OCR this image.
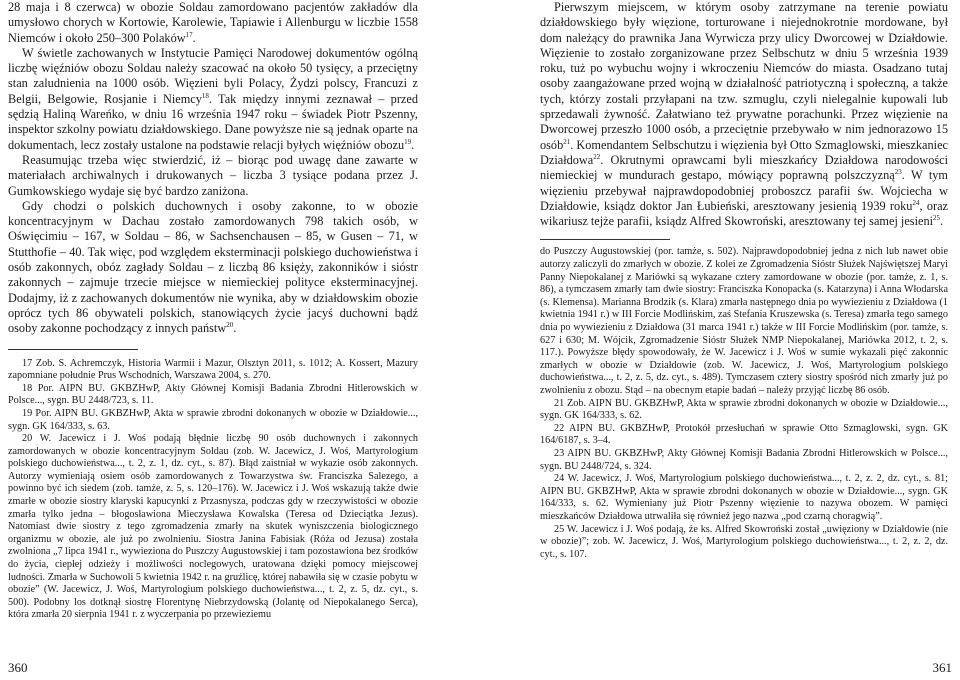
28 maja i 8 czerwca) w obozie Soldau zamordowano pacjentów zakładów dla umysłowo chorych w Kortowie, Karolewie, Tapiawie i Allenburgu w liczbie 1558 Niemców i około 250–300 Polaków$^{17}$.

W świetle zachowanych w Instytucie Pamięci Narodowej dokumentów ogólną liczbę więźniów obozu Soldau należy szacować na około 50 tysięcy, a przeciętny stan zaludnienia na 1000 osób. Więzieni byli Polacy, Żydzi polscy, Francuzi z Belgii, Belgowie, Rosjanie i Niemcy$^{18}$. Tak między innymi zeznawał – przed sędzią Haliną Wareńko, w dniu 16 września 1947 roku – świadek Piotr Pszenny, inspektor szkolny powiatu działdowskiego. Dane powyższe nie są jednak oparte na dokumentach, lecz zostały ustalone na podstawie relacji byłych więźniów obozu$^{19}$.

Reasumując trzeba więc stwierdzić, iż – biorąc pod uwagę dane zawarte w materiałach archiwalnych i drukowanych – liczba 3 tysiące podana przez J. Gumkowskiego wydaje się być bardzo zaniżona.

Gdy chodzi o polskich duchownych i osoby zakonne, to w obozie koncentracyjnym w Dachau zostało zamordowanych 798 takich osób, w Oświęcimiu – 167, w Soldau – 86, w Sachsenchausen – 85, w Gusen – 71, w Stutthofie – 40. Tak więc, pod względem eksterminacji polskiego duchowieństwa i osób zakonnych, obóz zagłady Soldau – z liczbą 86 księży, zakonników i sióstr zakonnych – zajmuje trzecie miejsce w niemieckiej polityce eksterminacyjnej. Dodajmy, iż z zachowanych dokumentów nie wynika, aby w działdowskim obozie oprócz tych 86 obywateli polskich, stanowiących życie jacyś duchowni bądź osoby zakonne pochodzący z innych państw$^{20}$.

17 Zob. S. Achremczyk, Historia Warmii i Mazur, Olsztyn 2011, s. 1012; A. Kossert, Mazury zapomniane południe Prus Wschodnich, Warszawa 2004, s. 270.

18 Por. AIPN BU. GKBZHwP, Akty Głównej Komisji Badania Zbrodni Hitlerowskich w Polsce..., sygn. BU 2448/723, s. 11.

19 Por. AIPN BU. GKBZHwP, Akta w sprawie zbrodni dokonanych w obozie w Działdowie..., sygn. GK 164/333, s. 63.

20 W. Jacewicz i J. Woś podają błędnie liczbę 90 osób duchownych i zakonnych zamordowanych w obozie koncentracyjnym Soldau (zob. W. Jacewicz, J. Woś, Martyrologium polskiego duchowieństwa..., t. 2, z. 1, dz. cyt., s. 87). Błąd zaistniał w wykazie osób zakonnych. Autorzy wymieniają osiem osób zamordowanych z Towarzystwa św. Franciszka Salezego, a powinno być ich siedem (zob. tamże, z. 5, s. 120–176). W. Jacewicz i J. Woś wskazują także dwie zmarłe w obozie siostry klaryski kapucynki z Przasnysza, podczas gdy w rzeczywistości w obozie zmarła tylko jedna – błogosławiona Mieczysława Kowalska (Teresa od Dzieciątka Jezus). Natomiast dwie siostry z tego zgromadzenia zmarły na skutek wyniszczenia biologicznego organizmu w obozie, ale już po zwolnieniu. Siostra Janina Fabisiak (Róża od Jezusa) została zwolniona „7 lipca 1941 r., wywieziona do Puszczy Augustowskiej i tam pozostawiona bez środków do życia, ciepłej odzieży i możliwości noclegowych, uratowana dzięki pomocy miejscowej ludności. Zmarła w Suchowoli 5 kwietnia 1942 r. na gruźlicę, której nabawiła się w czasie pobytu w obozie” (W. Jacewicz, J. Woś, Martyrologium polskiego duchowieństwa..., t. 2, z. 5, dz. cyt., s. 500). Podobny los dotknął siostrę Florentynę Niebrzydowską (Jolantę od Niepokalanego Serca), która zmarła 20 sierpnia 1941 r. z wyczerpania po przewieziemu

360

Pierwszym miejscem, w którym osoby zatrzymane na terenie powiatu działdowskiego były więzione, torturowane i niejednokrotnie mordowane, był dom należący do prawnika Jana Wyrwicza przy ulicy Dworcowej w Działdowie. Więzienie to zostało zorganizowane przez Selbschutz w dniu 5 września 1939 roku, tuż po wybuchu wojny i wkroczeniu Niemców do miasta. Osadzano tutaj osoby zaangażowane przed wojną w działalność patriotyczną i społeczną, a także tych, którzy zostali przyłapani na tzw. szmuglu, czyli nielegalnie kupowali lub sprzedawali żywność. Załatwiano też prywatne porachunki. Przez więzienie na Dworcowej przeszło 1000 osób, a przeciętnie przebywało w nim jednorazowo 15 osób$^{21}$. Komendantem Selbschutzu i więzienia był Otto Szmaglowski, mieszkaniec Działdowa$^{22}$. Okrutnymi oprawcami byli mieszkańcy Działdowa narodowości niemieckiej w mundurach gestapo, mówiący poprawną polszczyzną$^{23}$. W tym więzieniu przebywał najprawdopodobniej proboszcz parafii św. Wojciecha w Działdowie, ksiądz doktor Jan Łubieński, aresztowany jesienią 1939 roku$^{24}$, oraz wikariusz tejże parafii, ksiądz Alfred Skowroński, aresztowany tej samej jesieni$^{25}$.

do Puszczy Augustowskiej (por. tamże, s. 502). Najprawdopodobniej jedna z nich lub nawet obie autorzy zaliczyli do zmarłych w obozie. Z kolei ze Zgromadzenia Sióstr Służek Najświętszej Maryi Panny Niepokalanej z Mariówki są wykazane cztery zamordowane w obozie (por. tamże, z. 1, s. 86), a tymczasem zmarły tam dwie siostry: Franciszka Konopacka (s. Katarzyna) i Anna Włodarska (s. Klemensa). Marianna Brodzik (s. Klara) zmarła następnego dnia po wywiezieniu z Działdowa (1 kwietnia 1941 r.) w III Forcie Modlińskim, zaś Stefania Kruszewska (s. Teresa) zmarła tego samego dnia po wywiezieniu z Działdowa (31 marca 1941 r.) także w III Forcie Modlińskim (por. tamże, s. 627 i 630; M. Wójcik, Zgromadzenie Sióstr Służek NMP Niepokalanej, Mariówka 2012, t. 2, s. 117.). Powyższe błędy spowodowały, że W. Jacewicz i J. Woś w sumie wykazali pięć zakonnic zmarłych w obozie w Działdowie (zob. W. Jacewicz, J. Woś, Martyrologium polskiego duchowieństwa..., t. 2, z. 5, dz. cyt., s. 489). Tymczasem cztery siostry spośród nich zmarły już po zwolnieniu z obozu. Stąd – na obecnym etapie badań – należy przyjąć liczbę 86 osób.

21 Zob. AIPN BU. GKBZHwP, Akta w sprawie zbrodni dokonanych w obozie w Działdowie..., sygn. GK 164/333, s. 62.

22 AIPN BU. GKBZHwP, Protokół przesłuchań w sprawie Otto Szmaglowski, sygn. GK 164/6187, s. 3–4.

23 AIPN BU. GKBZHwP, Akty Głównej Komisji Badania Zbrodni Hitlerowskich w Polsce..., sygn. BU 2448/724, s. 324.

24 W. Jacewicz, J. Woś, Martyrologium polskiego duchowieństwa..., t. 2, z. 2, dz. cyt., s. 81; AIPN BU. GKBZHwP, Akta w sprawie zbrodni dokonanych w obozie w Działdowie..., sygn. GK 164/333, s. 62. Wymieniany już Piotr Pszenny więzienie to nazywa obozem. W pamięci mieszkańców Działdowa utrwaliła się również jego nazwa „pod czarną choragwią”.

25 W. Jacewicz i J. Woś podają, że ks. Alfred Skowroński został „uwięziony w Działdowie (nie w obozie)”; zob. W. Jacewicz, J. Woś, Martyrologium polskiego duchowieństwa..., t. 2, z. 2, dz. cyt., s. 107.

361
